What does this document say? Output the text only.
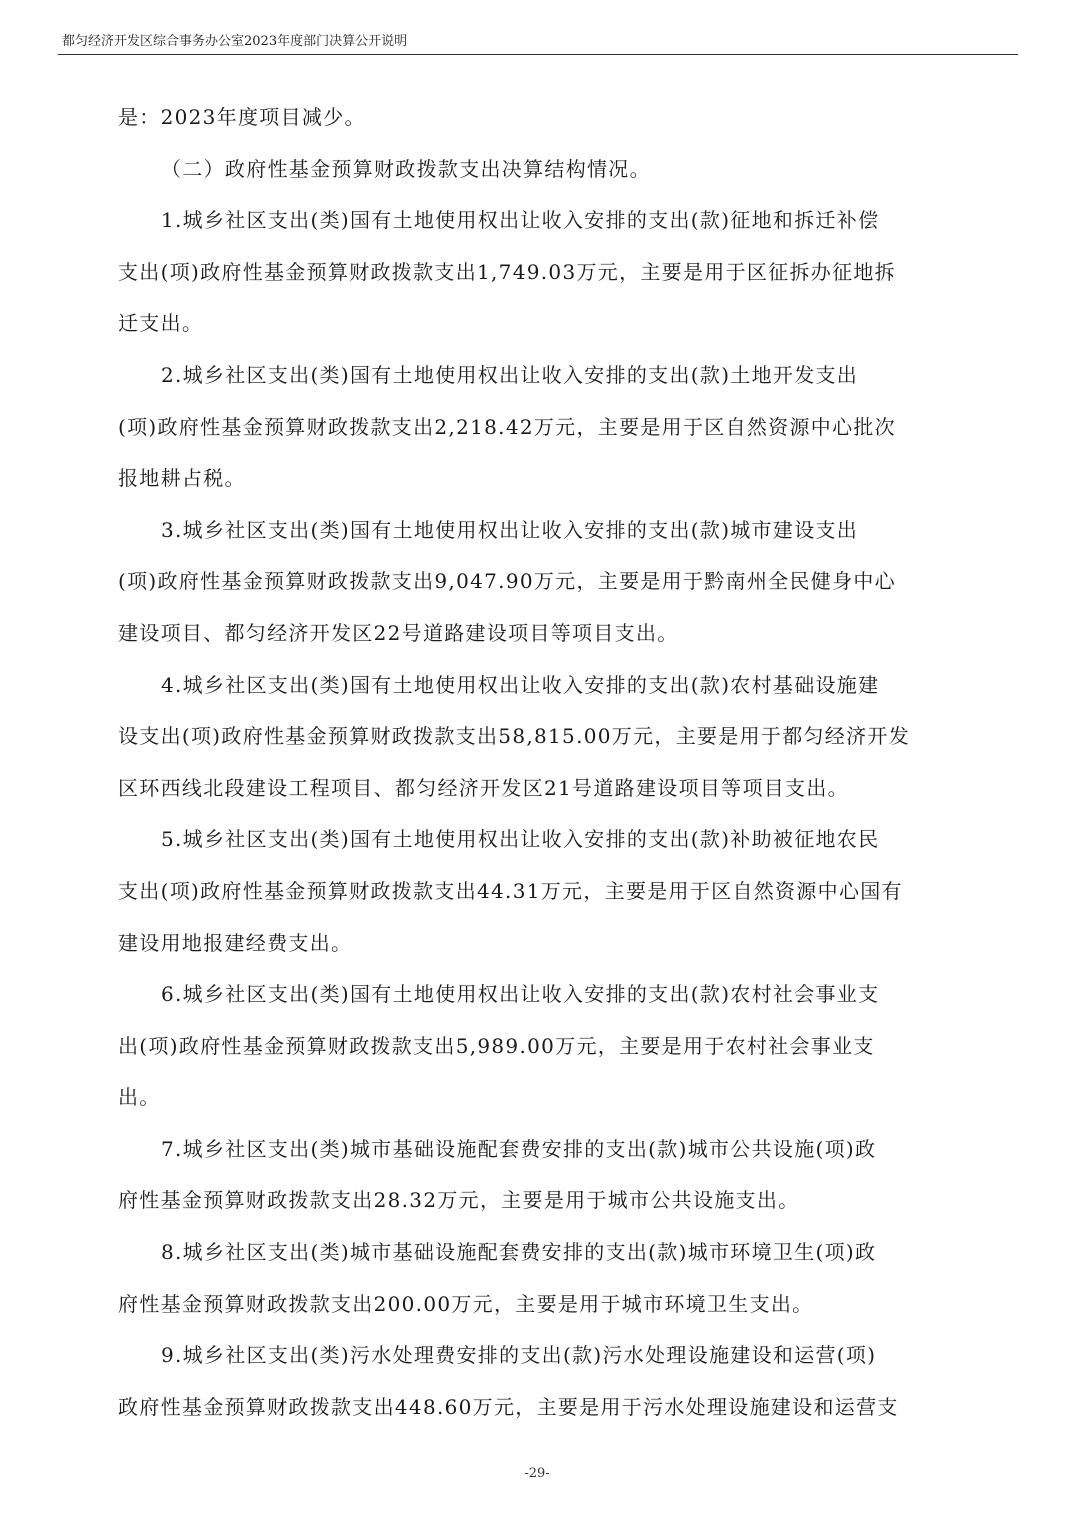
都匀经济开发区综合事务办公室2023年度部门决算公开说明
是：2023年度项目减少。
（二）政府性基金预算财政拨款支出决算结构情况。
1.城乡社区支出(类)国有土地使用权出让收入安排的支出(款)征地和拆迁补偿
支出(项)政府性基金预算财政拨款支出1,749.03万元，主要是用于区征拆办征地拆
迁支出。
2.城乡社区支出(类)国有土地使用权出让收入安排的支出(款)土地开发支出
(项)政府性基金预算财政拨款支出2,218.42万元，主要是用于区自然资源中心批次
报地耕占税。
3.城乡社区支出(类)国有土地使用权出让收入安排的支出(款)城市建设支出
(项)政府性基金预算财政拨款支出9,047.90万元，主要是用于黔南州全民健身中心
建设项目、都匀经济开发区22号道路建设项目等项目支出。
4.城乡社区支出(类)国有土地使用权出让收入安排的支出(款)农村基础设施建
设支出(项)政府性基金预算财政拨款支出58,815.00万元，主要是用于都匀经济开发
区环西线北段建设工程项目、都匀经济开发区21号道路建设项目等项目支出。
5.城乡社区支出(类)国有土地使用权出让收入安排的支出(款)补助被征地农民
支出(项)政府性基金预算财政拨款支出44.31万元，主要是用于区自然资源中心国有
建设用地报建经费支出。
6.城乡社区支出(类)国有土地使用权出让收入安排的支出(款)农村社会事业支
出(项)政府性基金预算财政拨款支出5,989.00万元，主要是用于农村社会事业支
出。
7.城乡社区支出(类)城市基础设施配套费安排的支出(款)城市公共设施(项)政
府性基金预算财政拨款支出28.32万元，主要是用于城市公共设施支出。
8.城乡社区支出(类)城市基础设施配套费安排的支出(款)城市环境卫生(项)政
府性基金预算财政拨款支出200.00万元，主要是用于城市环境卫生支出。
9.城乡社区支出(类)污水处理费安排的支出(款)污水处理设施建设和运营(项)
政府性基金预算财政拨款支出448.60万元，主要是用于污水处理设施建设和运营支
-29-
